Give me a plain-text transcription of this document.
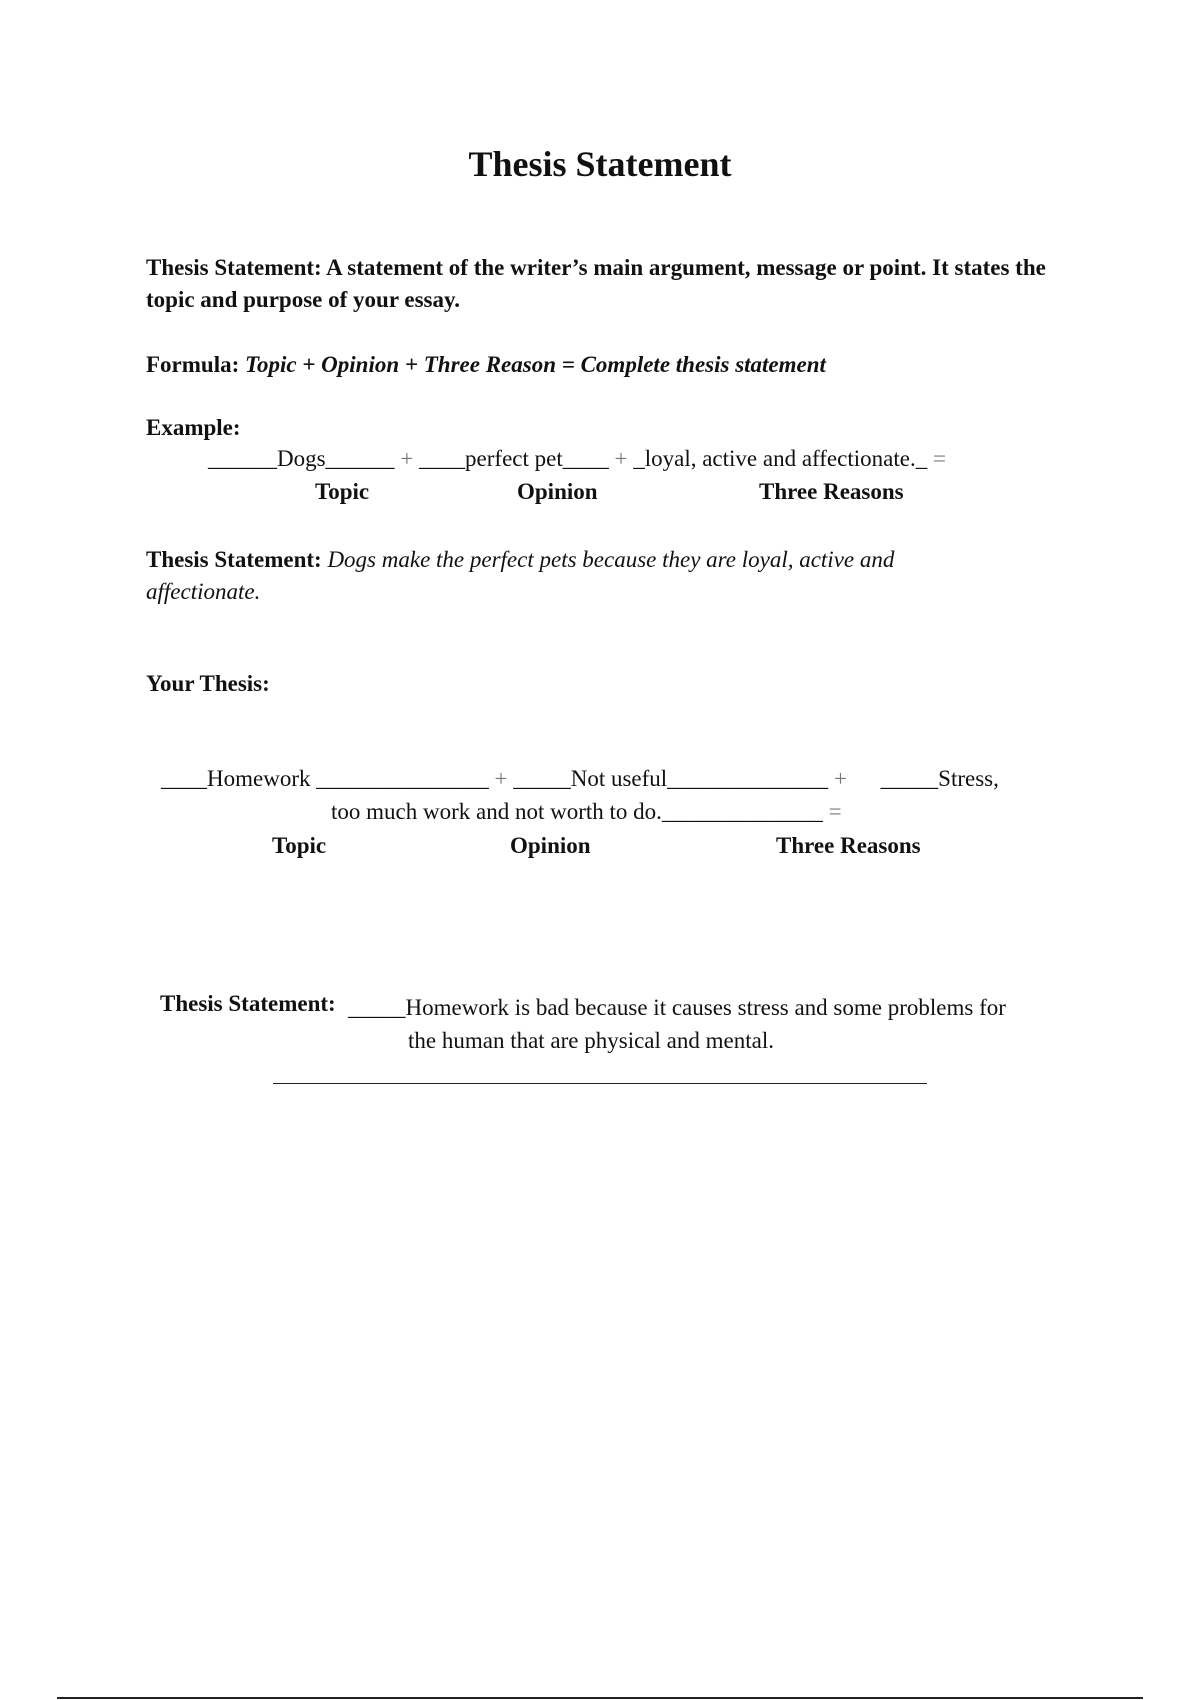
Thesis Statement
Thesis Statement: A statement of the writer’s main argument, message or point. It states the topic and purpose of your essay.
Formula: Topic + Opinion + Three Reason = Complete thesis statement
Example:
______Dogs______ + ____perfect pet____ + _loyal, active and affectionate._ =
Topic	Opinion	Three Reasons
Thesis Statement: Dogs make the perfect pets because they are loyal, active and affectionate.
Your Thesis:
____Homework _______________ + _____Not useful______________ + _____Stress,
too much work and not worth to do.______________ =
Topic	Opinion	Three Reasons
Thesis Statement: _____Homework is bad because it causes stress and some problems for
the human that are physical and mental.
